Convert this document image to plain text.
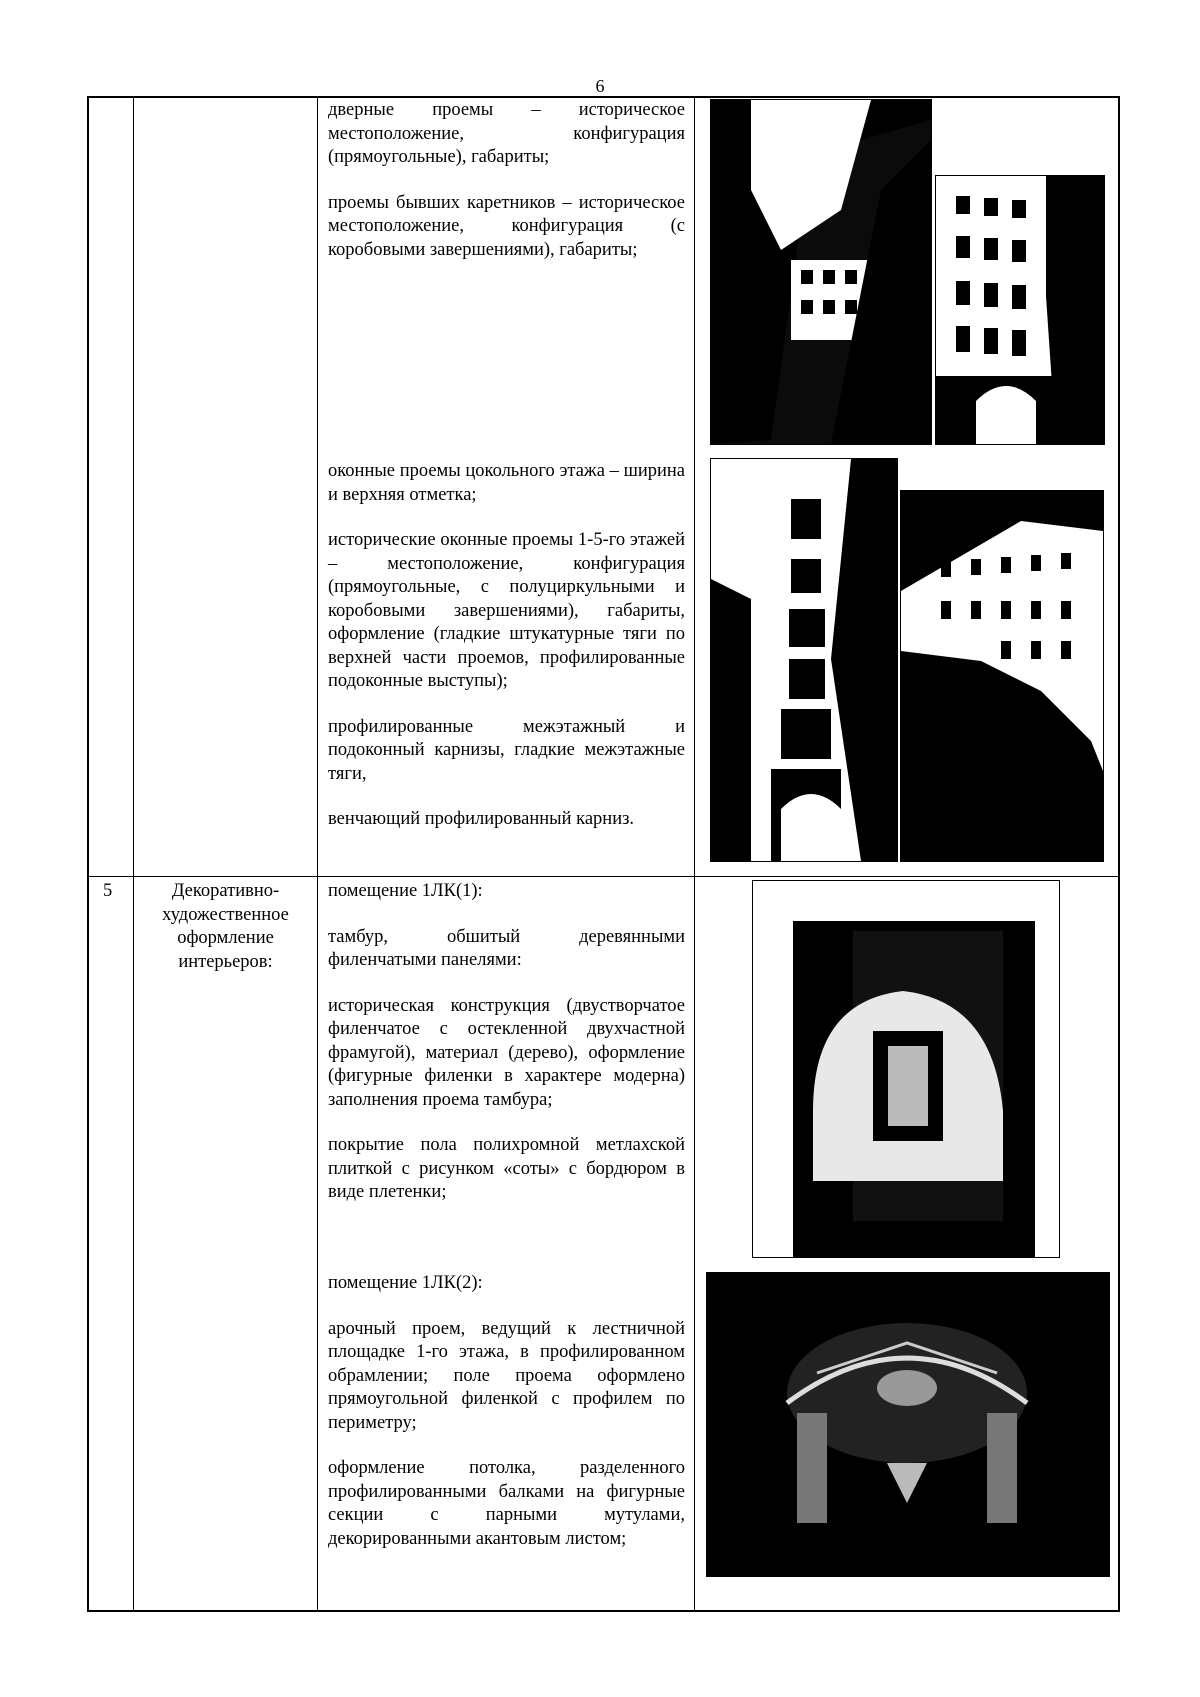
6

дверные проемы – историческое местоположение, конфигурация (прямоугольные), габариты;

проемы бывших каретников – историческое местоположение, конфигурация (с коробовыми завершениями), габариты;

оконные проемы цокольного этажа – ширина и верхняя отметка;

исторические оконные проемы 1-5-го этажей – местоположение, конфигурация (прямоугольные, с полуциркульными и коробовыми завершениями), габариты, оформление (гладкие штукатурные тяги по верхней части проемов, профилированные подоконные выступы);

профилированные межэтажный и подоконный карнизы, гладкие межэтажные тяги,

венчающий профилированный карниз.

5	Декоративно-художественное оформление интерьеров:

помещение 1ЛК(1):

тамбур, обшитый деревянными филенчатыми панелями:

историческая конструкция (двустворчатое филенчатое с остекленной двухчастной фрамугой), материал (дерево), оформление (фигурные филенки в характере модерна) заполнения проема тамбура;

покрытие пола полихромной метлахской плиткой с рисунком «соты» с бордюром в виде плетенки;

помещение 1ЛК(2):

арочный проем, ведущий к лестничной площадке 1-го этажа, в профилированном обрамлении; поле проема оформлено прямоугольной филенкой с профилем по периметру;

оформление потолка, разделенного профилированными балками на фигурные секции с парными мутулами, декорированными акантовым листом;
